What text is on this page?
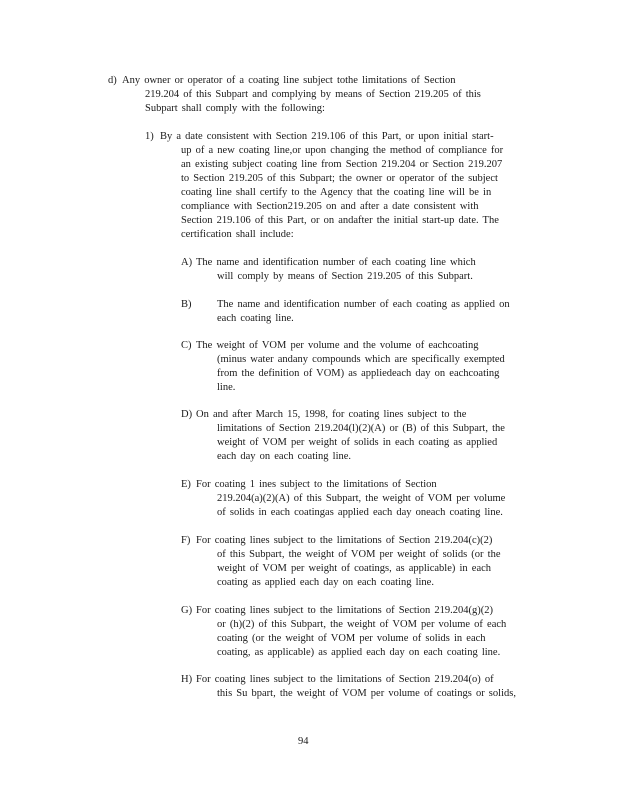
d) Any owner or operator of a coating line subject tothe limitations of Section
219.204 of this Subpart and complying by means of Section 219.205 of this
Subpart shall comply with the following:
1) By a date consistent with Section 219.106 of this Part, or upon initial start-
up of a new coating line,or upon changing the method of compliance for
an existing subject coating line from Section 219.204 or Section 219.207
to Section 219.205 of this Subpart; the owner or operator of the subject
coating line shall certify to the Agency that the coating line will be in
compliance with Section219.205 on and after a date consistent with
Section 219.106 of this Part, or on andafter the initial start-up date. The
certification shall include:
A) The name and identification number of each coating line which
will comply by means of Section 219.205 of this Subpart.
B) The name and identification number of each coating as applied on
each coating line.
C) The weight of VOM per volume and the volume of eachcoating
(minus water andany compounds which are specifically exempted
from the definition of VOM) as appliedeach day on eachcoating
line.
D) On and after March 15, 1998, for coating lines subject to the
limitations of Section 219.204(l)(2)(A) or (B) of this Subpart, the
weight of VOM per weight of solids in each coating as applied
each day on each coating line.
E) For coating 1 ines subject to the limitations of Section
219.204(a)(2)(A) of this Subpart, the weight of VOM per volume
of solids in each coatingas applied each day oneach coating line.
F) For coating lines subject to the limitations of Section 219.204(c)(2)
of this Subpart, the weight of VOM per weight of solids (or the
weight of VOM per weight of coatings, as applicable) in each
coating as applied each day on each coating line.
G) For coating lines subject to the limitations of Section 219.204(g)(2)
or (h)(2) of this Subpart, the weight of VOM per volume of each
coating (or the weight of VOM per volume of solids in each
coating, as applicable) as applied each day on each coating line.
H) For coating lines subject to the limitations of Section 219.204(o) of
this Su bpart, the weight of VOM per volume of coatings or solids,
94
